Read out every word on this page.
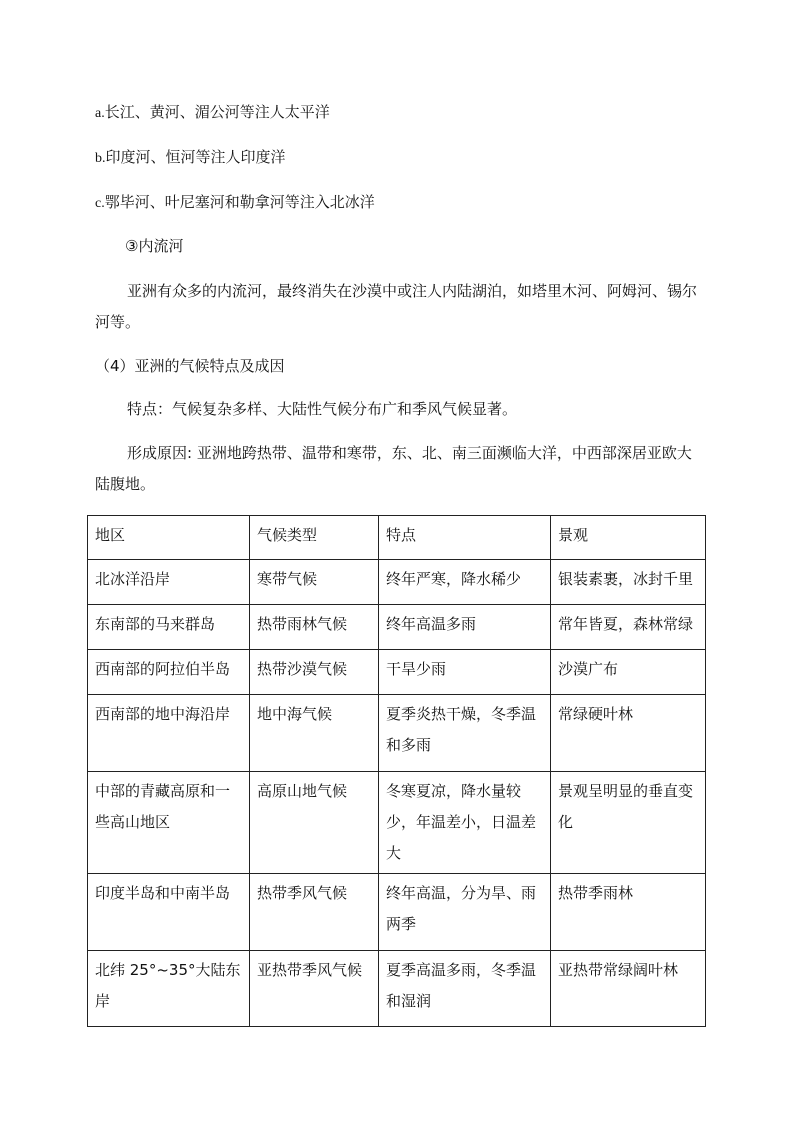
a.长江、黄河、湄公河等注人太平洋
b.印度河、恒河等注人印度洋
c.鄂毕河、叶尼塞河和勒拿河等注入北冰洋
③内流河
亚洲有众多的内流河，最终消失在沙漠中或注人内陆湖泊，如塔里木河、阿姆河、锡尔河等。
（4）亚洲的气候特点及成因
特点：气候复杂多样、大陆性气候分布广和季风气候显著。
形成原因: 亚洲地跨热带、温带和寒带，东、北、南三面濒临大洋，中西部深居亚欧大陆腹地。
地区	气候类型	特点	景观
北冰洋沿岸	寒带气候	终年严寒，降水稀少	银装素裹，冰封千里
东南部的马来群岛	热带雨林气候	终年高温多雨	常年皆夏，森林常绿
西南部的阿拉伯半岛	热带沙漠气候	干旱少雨	沙漠广布
西南部的地中海沿岸	地中海气候	夏季炎热干燥，冬季温和多雨	常绿硬叶林
中部的青藏高原和一些高山地区	高原山地气候	冬寒夏凉，降水量较少，年温差小，日温差大	景观呈明显的垂直变化
印度半岛和中南半岛	热带季风气候	终年高温，分为旱、雨两季	热带季雨林
北纬 25°~35°大陆东岸	亚热带季风气候	夏季高温多雨，冬季温和湿润	亚热带常绿阔叶林
